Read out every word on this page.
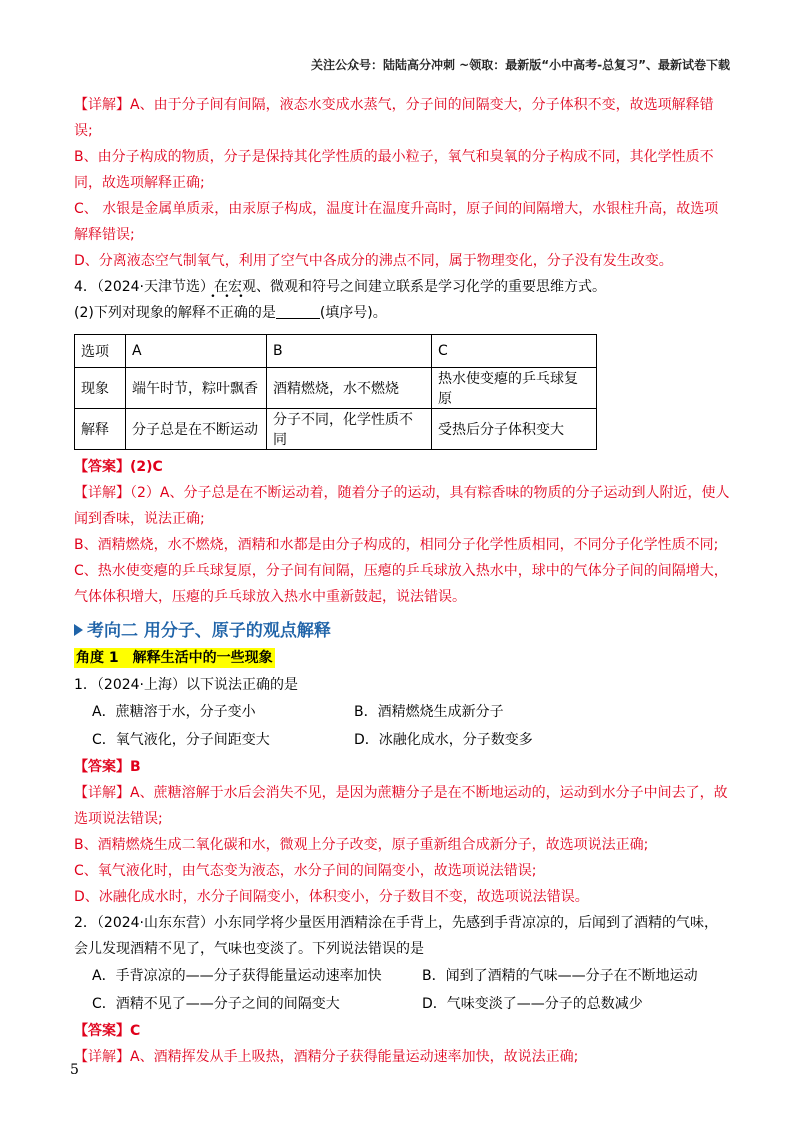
关注公众号：陆陆高分冲刺 ~领取：最新版“小中高考-总复习”、最新试卷下载

【详解】A、由于分子间有间隔，液态水变成水蒸气，分子间的间隔变大，分子体积不变，故选项解释错误;

B、由分子构成的物质，分子是保持其化学性质的最小粒子，氧气和臭氧的分子构成不同，其化学性质不同，故选项解释正确;

C、 水银是金属单质汞，由汞原子构成，温度计在温度升高时，原子间的间隔增大，水银柱升高，故选项解释错误;

D、分离液态空气制氧气，利用了空气中各成分的沸点不同，属于物理变化，分子没有发生改变。

4．（2024·天津节选）在宏观、微观和符号之间建立联系是学习化学的重要思维方式。

(2)下列对现象的解释不正确的是	(填序号)。

选项	A	B	C
现象	端午时节，粽叶飘香	酒精燃烧，水不燃烧	热水使变瘪的乒乓球复原
解释	分子总是在不断运动	分子不同，化学性质不同	受热后分子体积变大

【答案】(2)C

【详解】（2）A、分子总是在不断运动着，随着分子的运动，具有粽香味的物质的分子运动到人附近，使人闻到香味，说法正确;

B、酒精燃烧，水不燃烧，酒精和水都是由分子构成的，相同分子化学性质相同，不同分子化学性质不同;

C、热水使变瘪的乒乓球复原，分子间有间隔，压瘪的乒乓球放入热水中，球中的气体分子间的间隔增大，气体体积增大，压瘪的乒乓球放入热水中重新鼓起，说法错误。

考向二 用分子、原子的观点解释
角度 1　解释生活中的一些现象

1．（2024·上海）以下说法正确的是

A．蔗糖溶于水，分子变小	B．酒精燃烧生成新分子
C．氧气液化，分子间距变大	D．冰融化成水，分子数变多

【答案】B

【详解】A、蔗糖溶解于水后会消失不见，是因为蔗糖分子是在不断地运动的，运动到水分子中间去了，故选项说法错误;

B、酒精燃烧生成二氧化碳和水，微观上分子改变，原子重新组合成新分子，故选项说法正确;

C、氧气液化时，由气态变为液态，水分子间的间隔变小，故选项说法错误;

D、冰融化成水时，水分子间隔变小，体积变小，分子数目不变，故选项说法错误。

2．（2024·山东东营）小东同学将少量医用酒精涂在手背上，先感到手背凉凉的，后闻到了酒精的气味，会儿发现酒精不见了，气味也变淡了。下列说法错误的是

A．手背凉凉的——分子获得能量运动速率加快	B．闻到了酒精的气味——分子在不断地运动
C．酒精不见了——分子之间的间隔变大	D．气味变淡了——分子的总数减少

【答案】C

【详解】A、酒精挥发从手上吸热，酒精分子获得能量运动速率加快，故说法正确;

5
